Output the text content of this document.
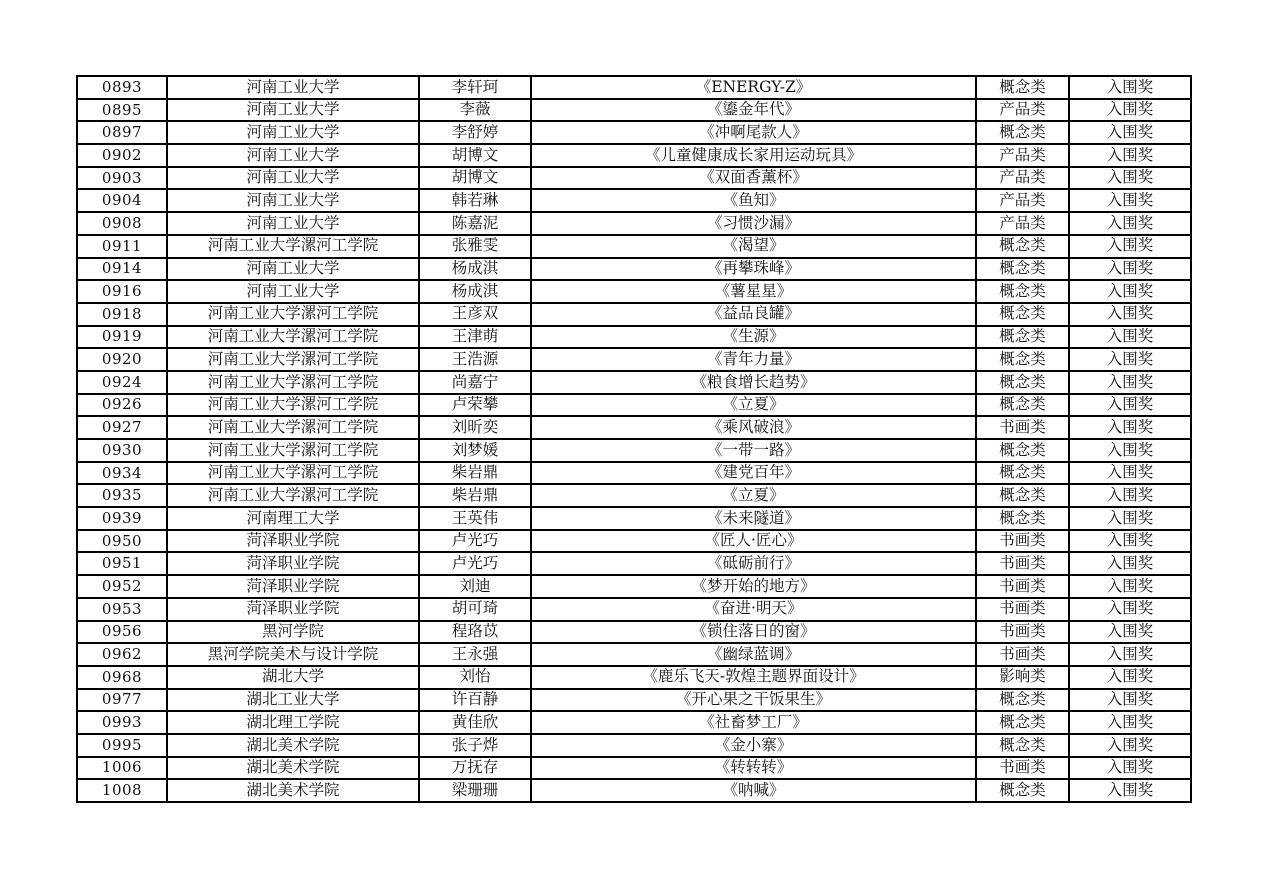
0893	河南工业大学	李轩珂	《ENERGY-Z》	概念类	入围奖
0895	河南工业大学	李薇	《鎏金年代》	产品类	入围奖
0897	河南工业大学	李舒婷	《冲啊尾款人》	概念类	入围奖
0902	河南工业大学	胡博文	《儿童健康成长家用运动玩具》	产品类	入围奖
0903	河南工业大学	胡博文	《双面香薰杯》	产品类	入围奖
0904	河南工业大学	韩若琳	《鱼知》	产品类	入围奖
0908	河南工业大学	陈嘉泥	《习惯沙漏》	产品类	入围奖
0911	河南工业大学漯河工学院	张雅雯	《渴望》	概念类	入围奖
0914	河南工业大学	杨成淇	《再攀珠峰》	概念类	入围奖
0916	河南工业大学	杨成淇	《薯星星》	概念类	入围奖
0918	河南工业大学漯河工学院	王彦双	《益品良罐》	概念类	入围奖
0919	河南工业大学漯河工学院	王津萌	《生源》	概念类	入围奖
0920	河南工业大学漯河工学院	王浩源	《青年力量》	概念类	入围奖
0924	河南工业大学漯河工学院	尚嘉宁	《粮食增长趋势》	概念类	入围奖
0926	河南工业大学漯河工学院	卢荣攀	《立夏》	概念类	入围奖
0927	河南工业大学漯河工学院	刘昕奕	《乘风破浪》	书画类	入围奖
0930	河南工业大学漯河工学院	刘梦媛	《一带一路》	概念类	入围奖
0934	河南工业大学漯河工学院	柴岩鼎	《建党百年》	概念类	入围奖
0935	河南工业大学漯河工学院	柴岩鼎	《立夏》	概念类	入围奖
0939	河南理工大学	王英伟	《未来隧道》	概念类	入围奖
0950	菏泽职业学院	卢光巧	《匠人·匠心》	书画类	入围奖
0951	菏泽职业学院	卢光巧	《砥砺前行》	书画类	入围奖
0952	菏泽职业学院	刘迪	《梦开始的地方》	书画类	入围奖
0953	菏泽职业学院	胡可琦	《奋进·明天》	书画类	入围奖
0956	黑河学院	程珞苡	《锁住落日的窗》	书画类	入围奖
0962	黑河学院美术与设计学院	王永强	《幽绿蓝调》	书画类	入围奖
0968	湖北大学	刘怡	《鹿乐飞天-敦煌主题界面设计》	影响类	入围奖
0977	湖北工业大学	许百静	《开心果之干饭果生》	概念类	入围奖
0993	湖北理工学院	黄佳欣	《社畜梦工厂》	概念类	入围奖
0995	湖北美术学院	张子烨	《金小寨》	概念类	入围奖
1006	湖北美术学院	万抚存	《转转转》	书画类	入围奖
1008	湖北美术学院	梁珊珊	《呐喊》	概念类	入围奖
